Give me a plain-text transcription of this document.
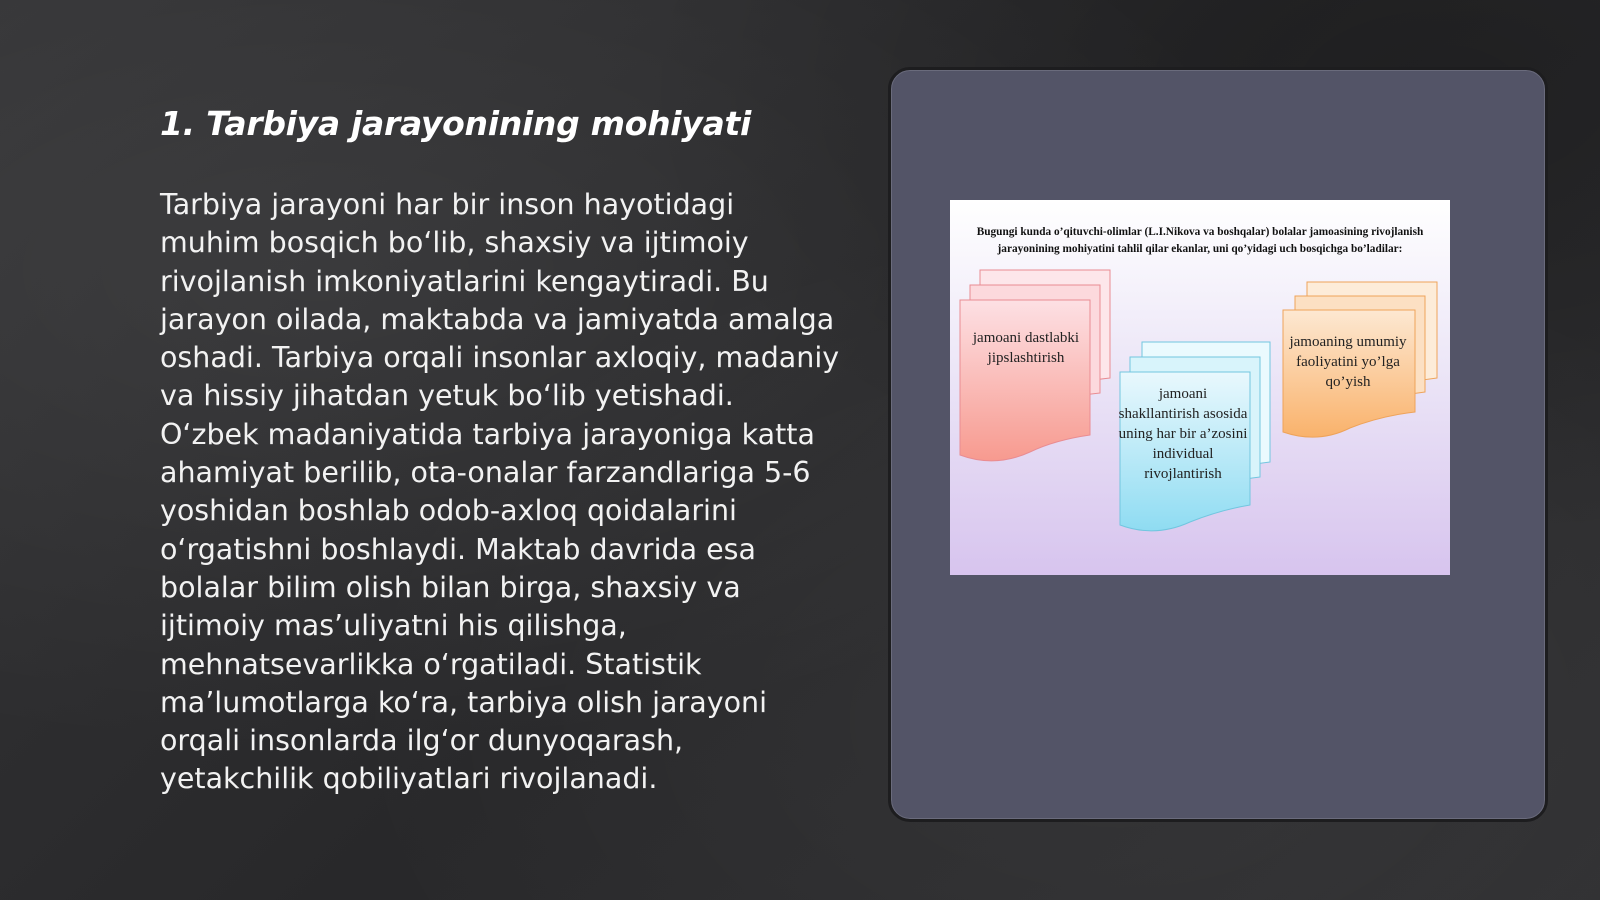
1. Tarbiya jarayonining mohiyati

Tarbiya jarayoni har bir inson hayotidagi muhim bosqich bo‘lib, shaxsiy va ijtimoiy rivojlanish imkoniyatlarini kengaytiradi. Bu jarayon oilada, maktabda va jamiyatda amalga oshadi. Tarbiya orqali insonlar axloqiy, madaniy va hissiy jihatdan yetuk bo‘lib yetishadi. O‘zbek madaniyatida tarbiya jarayoniga katta ahamiyat berilib, ota-onalar farzandlariga 5-6 yoshidan boshlab odob-axloq qoidalarini o‘rgatishni boshlaydi. Maktab davrida esa bolalar bilim olish bilan birga, shaxsiy va ijtimoiy mas’uliyatni his qilishga, mehnatsevarlikka o‘rgatiladi. Statistik ma’lumotlarga ko‘ra, tarbiya olish jarayoni orqali insonlarda ilg‘or dunyoqarash, yetakchilik qobiliyatlari rivojlanadi.

Bugungi kunda o’qituvchi-olimlar (L.I.Nikova va boshqalar) bolalar jamoasining rivojlanish jarayonining mohiyatini tahlil qilar ekanlar, uni qo’yidagi uch bosqichga bo’ladilar:

jamoani dastlabki jipslashtirish

jamoani shakllantirish asosida uning har bir a’zosini individual rivojlantirish

jamoaning umumiy faoliyatini yo’lga qo’yish
